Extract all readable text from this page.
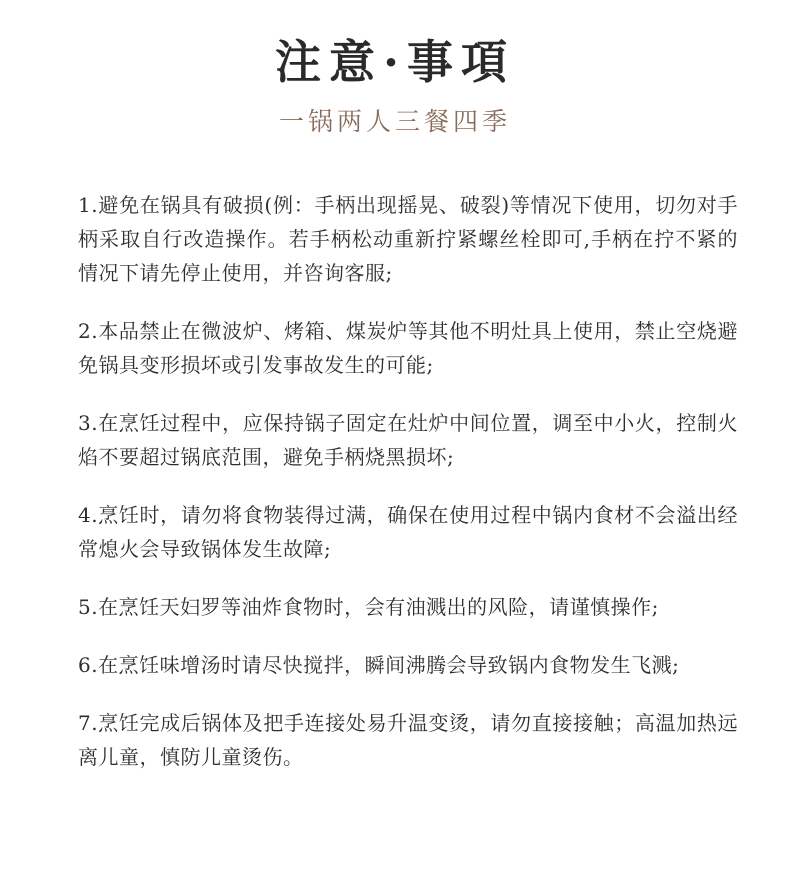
注意·事項
一锅两人三餐四季

1.避免在锅具有破损(例：手柄出现摇晃、破裂)等情况下使用，切勿对手柄采取自行改造操作。若手柄松动重新拧紧螺丝栓即可,手柄在拧不紧的情况下请先停止使用，并咨询客服;

2.本品禁止在微波炉、烤箱、煤炭炉等其他不明灶具上使用，禁止空烧避免锅具变形损坏或引发事故发生的可能;

3.在烹饪过程中，应保持锅子固定在灶炉中间位置，调至中小火，控制火焰不要超过锅底范围，避免手柄烧黑损坏;

4.烹饪时，请勿将食物装得过满，确保在使用过程中锅内食材不会溢出经常熄火会导致锅体发生故障;

5.在烹饪天妇罗等油炸食物时，会有油溅出的风险，请谨慎操作;

6.在烹饪味增汤时请尽快搅拌，瞬间沸腾会导致锅内食物发生飞溅;

7.烹饪完成后锅体及把手连接处易升温变烫，请勿直接接触；高温加热远离儿童，慎防儿童烫伤。
